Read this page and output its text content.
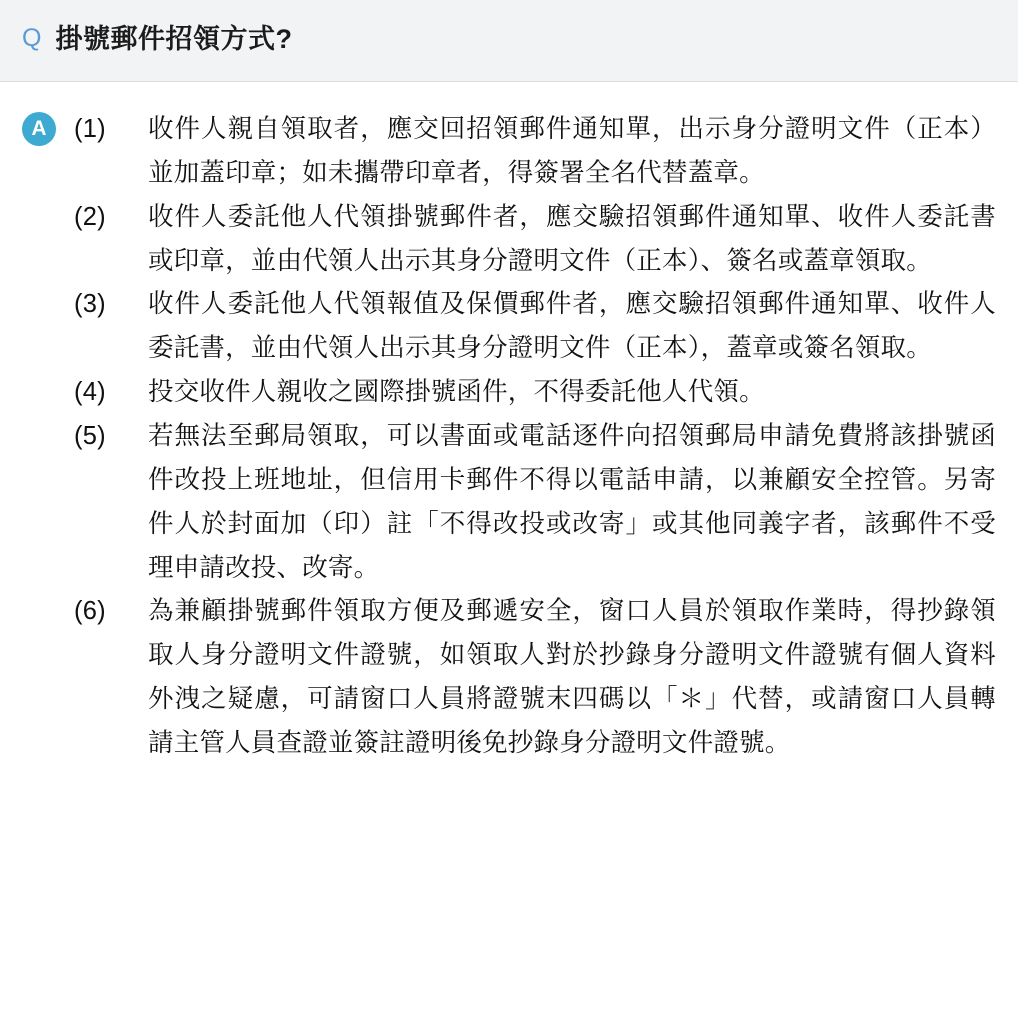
Q 掛號郵件招領方式?
A	(1)	收件人親自領取者，應交回招領郵件通知單，出示身分證明文件（正本）並加蓋印章；如未攜帶印章者，得簽署全名代替蓋章。
(2)	收件人委託他人代領掛號郵件者，應交驗招領郵件通知單、收件人委託書或印章，並由代領人出示其身分證明文件（正本）、簽名或蓋章領取。
(3)	收件人委託他人代領報值及保價郵件者，應交驗招領郵件通知單、收件人委託書，並由代領人出示其身分證明文件（正本），蓋章或簽名領取。
(4)	投交收件人親收之國際掛號函件，不得委託他人代領。
(5)	若無法至郵局領取，可以書面或電話逐件向招領郵局申請免費將該掛號函件改投上班地址，但信用卡郵件不得以電話申請，以兼顧安全控管。另寄件人於封面加（印）註「不得改投或改寄」或其他同義字者，該郵件不受理申請改投、改寄。
(6)	為兼顧掛號郵件領取方便及郵遞安全，窗口人員於領取作業時，得抄錄領取人身分證明文件證號，如領取人對於抄錄身分證明文件證號有個人資料外洩之疑慮，可請窗口人員將證號末四碼以「＊」代替，或請窗口人員轉請主管人員查證並簽註證明後免抄錄身分證明文件證號。
